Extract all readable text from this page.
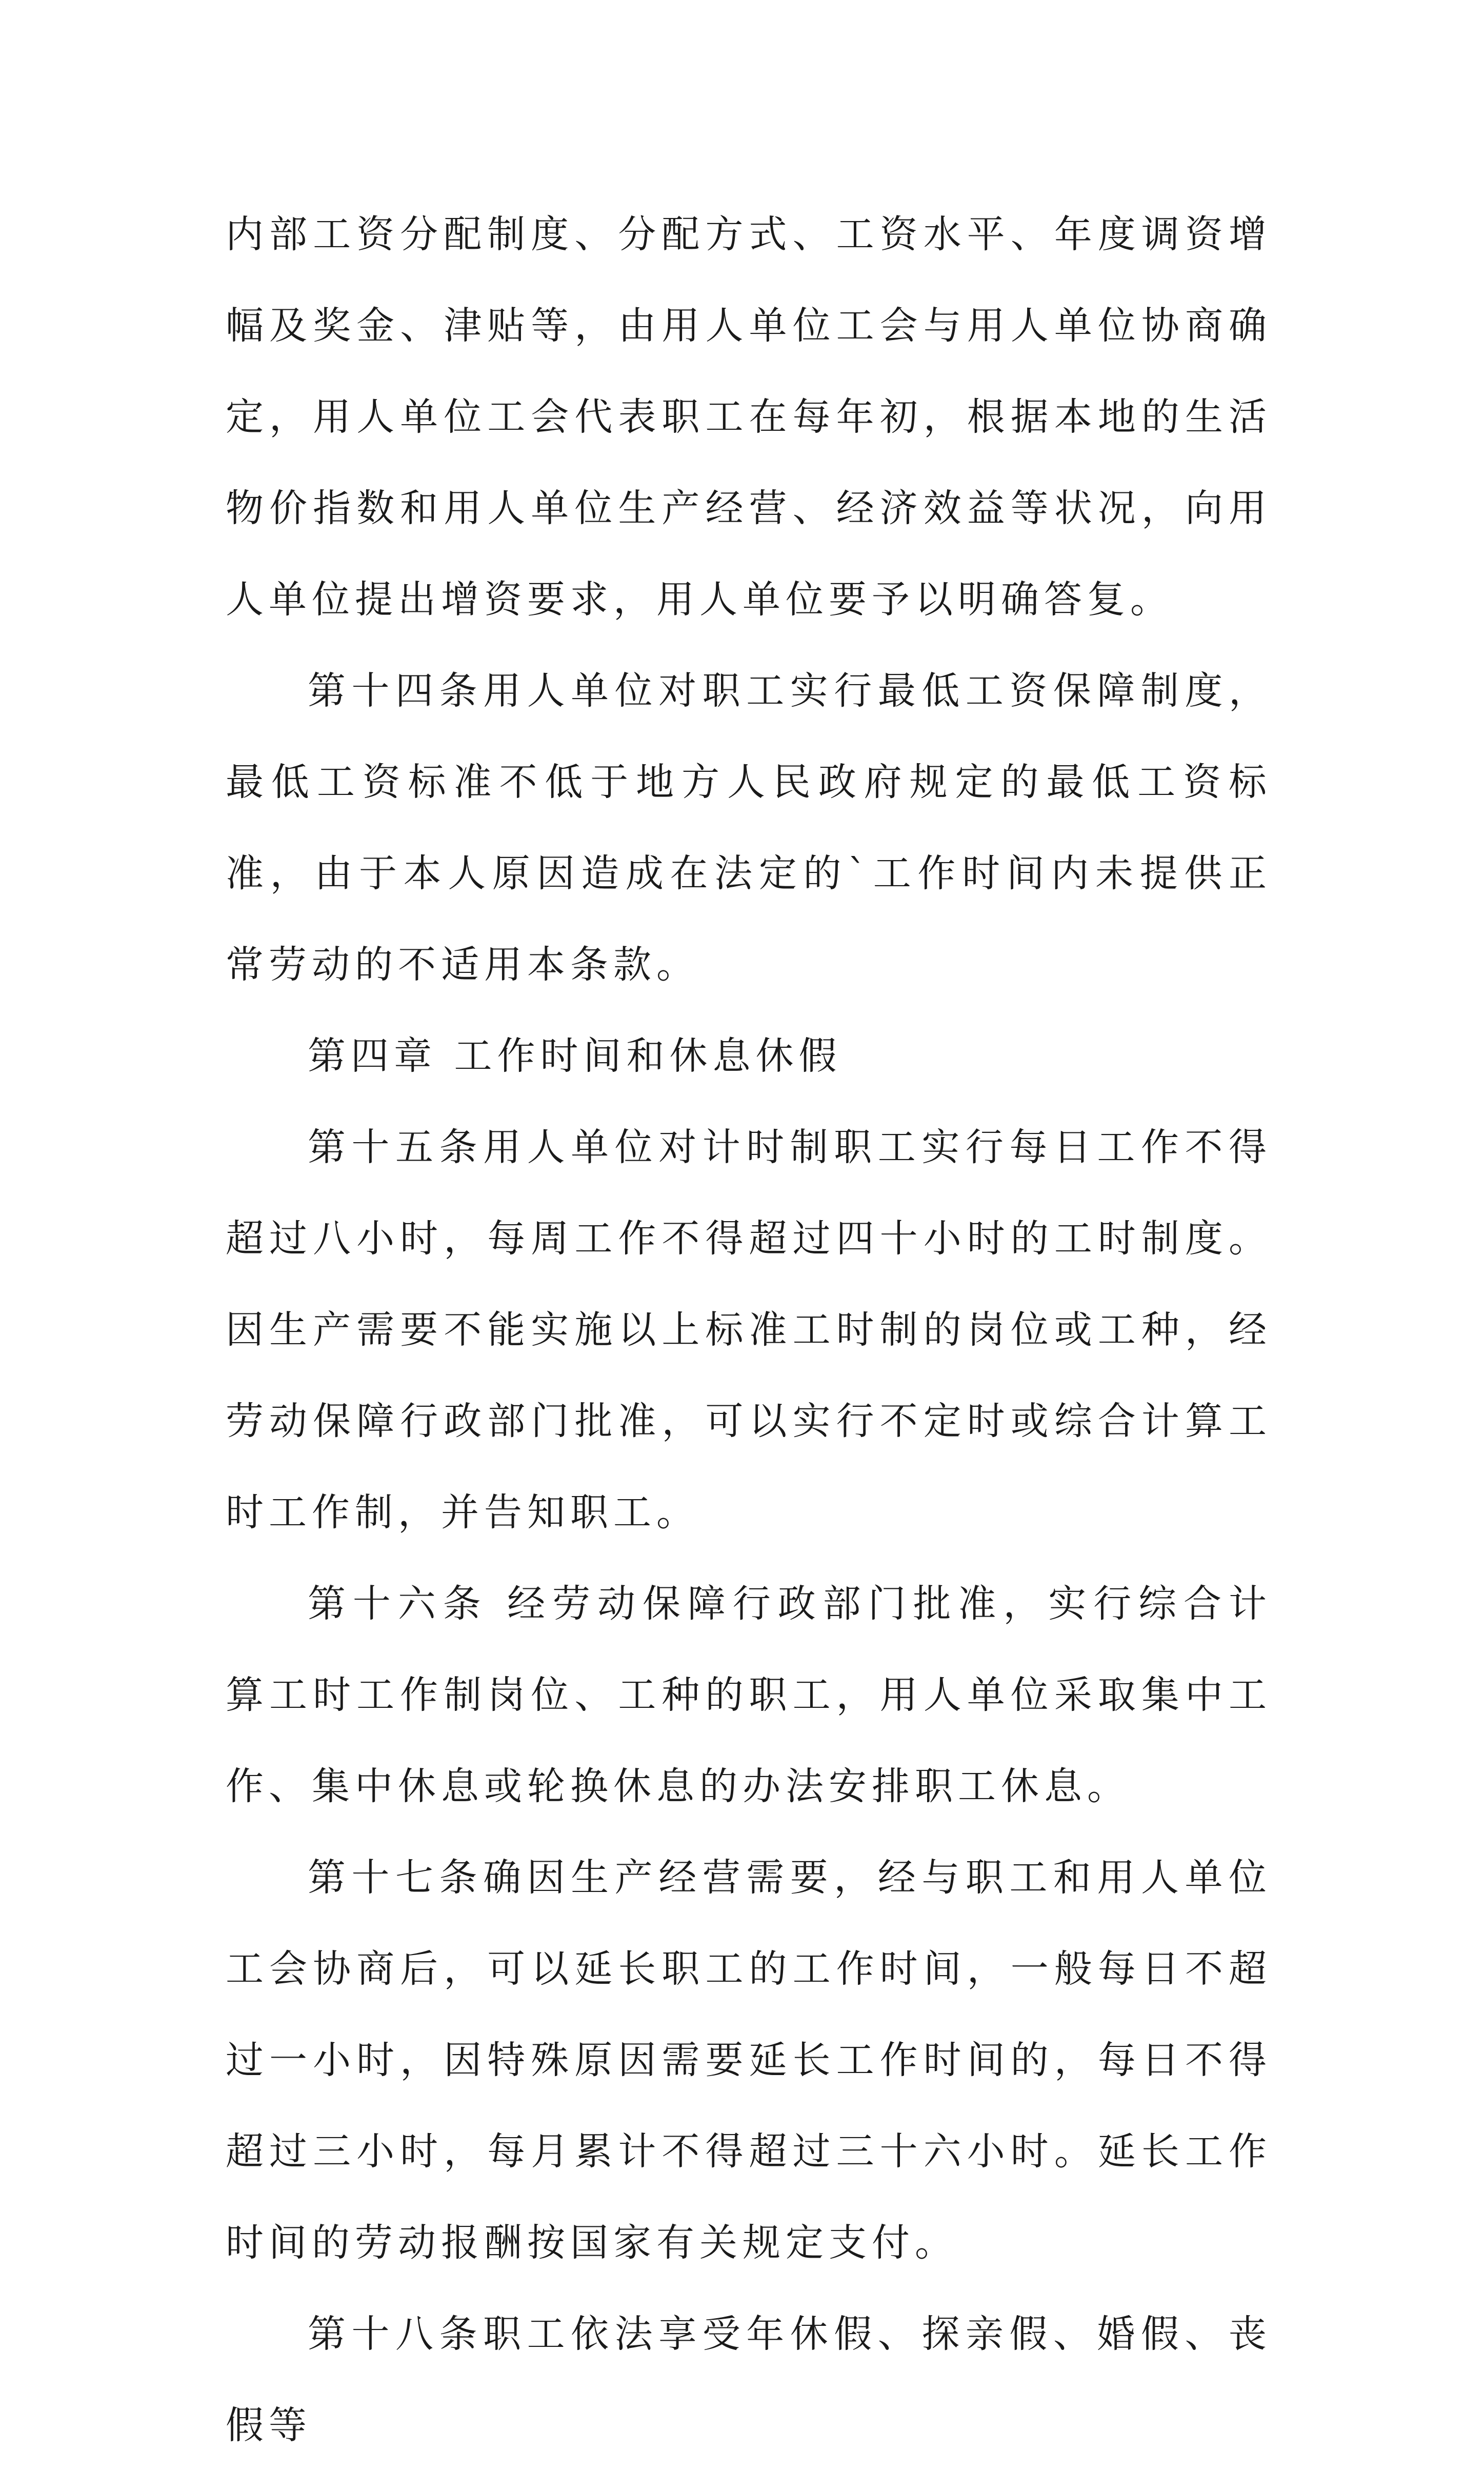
内部工资分配制度、分配方式、工资水平、年度调资增幅及奖金、津贴等，由用人单位工会与用人单位协商确定，用人单位工会代表职工在每年初，根据本地的生活物价指数和用人单位生产经营、经济效益等状况，向用人单位提出增资要求，用人单位要予以明确答复。

第十四条用人单位对职工实行最低工资保障制度，最低工资标准不低于地方人民政府规定的最低工资标准，由于本人原因造成在法定的`工作时间内未提供正常劳动的不适用本条款。

第四章 工作时间和休息休假

第十五条用人单位对计时制职工实行每日工作不得超过八小时，每周工作不得超过四十小时的工时制度。因生产需要不能实施以上标准工时制的岗位或工种，经劳动保障行政部门批准，可以实行不定时或综合计算工时工作制，并告知职工。

第十六条 经劳动保障行政部门批准，实行综合计算工时工作制岗位、工种的职工，用人单位采取集中工作、集中休息或轮换休息的办法安排职工休息。

第十七条确因生产经营需要，经与职工和用人单位工会协商后，可以延长职工的工作时间，一般每日不超过一小时，因特殊原因需要延长工作时间的，每日不得超过三小时，每月累计不得超过三十六小时。延长工作时间的劳动报酬按国家有关规定支付。

第十八条职工依法享受年休假、探亲假、婚假、丧假等
